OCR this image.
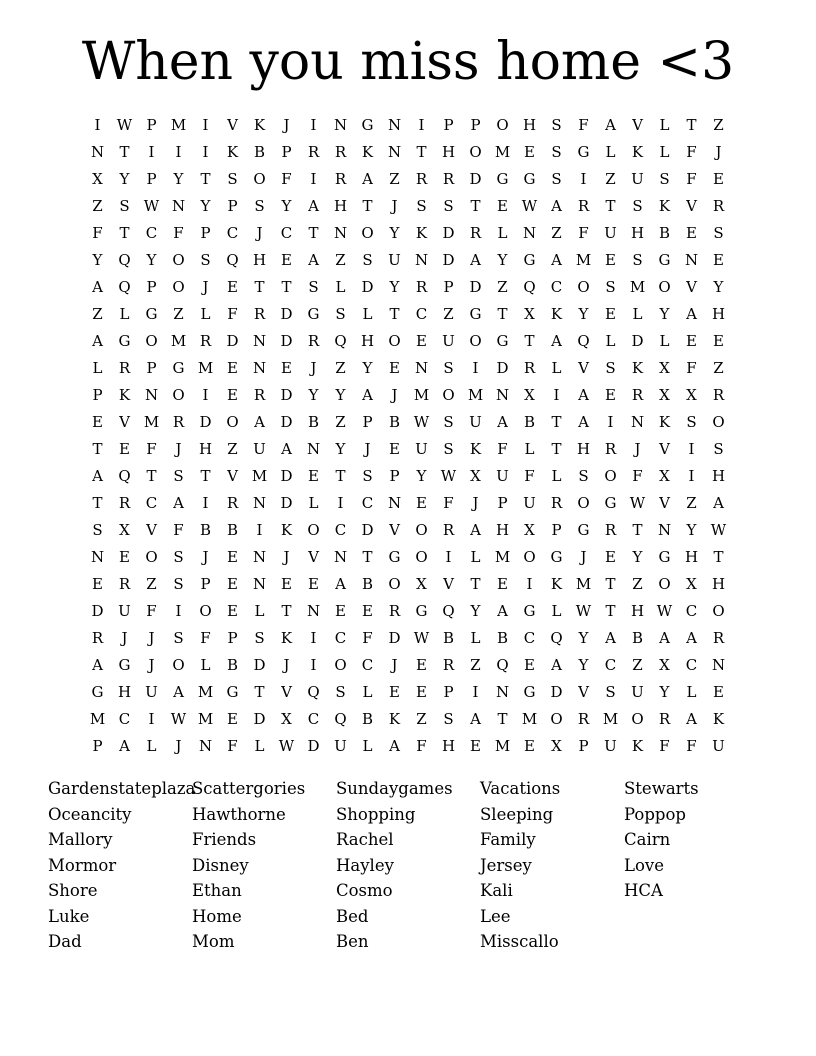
When you miss home <3
I	W P M	I	V	K	J	I	N G N	I	P	P	O H	S	F	A	V	L	T	Z
N	T	I	I	I	K	B	P	R	R	K N	T	H O M E	S	G	L	K	L	F	J
X	Y	P	Y	T	S	O	F	I	R	A	Z	R	R	D G	G	S	I	Z	U	S	F	E
Z	S W N	Y	P	S	Y	A	H	T	J	S	S	T	E W A	R	T	S	K	V	R
F	T	C	F	P	C	J	C	T	N O	Y	K	D	R	L	N	Z	F	U H B	E	S
Y	Q	Y	O	S	Q H E	A	Z	S	U N D	A	Y	G	A M E	S	G N E
A	Q	P	O	J	E	T	T	S	L	D	Y	R	P	D	Z	Q	C	O	S M O	V	Y
Z	L	G	Z	L	F	R	D G	S	L	T	C	Z	G	T	X	K	Y	E	L	Y	A	H
A	G O M R	D N D	R	Q H O	E	U O G	T	A	Q	L	D	L	E	E
L	R	P	G M E N E	J	Z	Y	E N	S	I	D	R	L	V	S	K	X	F	Z
P	K N O	I	E	R	D	Y	Y	A	J	M O M N	X	I	A	E	R	X	X	R
E	V M R	D O	A	D	B	Z	P	B W S	U	A	B	T	A	I	N K	S	O
T	E	F	J	H	Z	U	A	N	Y	J	E	U	S	K	F	L	T	H R	J	V	I	S
A	Q	T	S	T	V M D	E	T	S	P	Y W X	U	F	L	S	O	F	X	I	H
T	R	C	A	I	R N D	L	I	C N E	F	J	P	U	R	O G W V	Z	A
S	X	V	F	B	B	I	K	O	C	D	V	O	R	A	H	X	P	G	R	T	N	Y W
N E	O	S	J	E N	J	V	N	T	G O	I	L M O G	J	E	Y	G H	T
E	R	Z	S	P	E N E	E	A	B	O	X	V	T	E	I	K M T	Z	O	X	H
D U	F	I	O	E	L	T	N E	E	R	G Q	Y	A	G	L W T	H W C	O
R	J	J	S	F	P	S	K	I	C	F	D W B	L	B	C	Q	Y	A	B	A	A	R
A	G	J	O	L	B	D	J	I	O	C	J	E	R	Z	Q	E	A	Y	C	Z	X	C N
G H U	A M G	T	V	Q	S	L	E	E	P	I	N G	D	V	S	U	Y	L	E
M C	I	W M E	D	X	C	Q	B	K	Z	S	A	T M O	R M O	R	A	K
P	A	L	J	N	F	L W D U	L	A	F	H E M E	X	P	U	K	F	F	U
Gardenstateplaza
Oceancity
Mallory
Mormor
Shore
Luke
Dad
Scattergories
Hawthorne
Friends
Disney
Ethan
Home
Mom
Sundaygames
Shopping
Rachel
Hayley
Cosmo
Bed
Ben
Vacations
Sleeping
Family
Jersey
Kali
Lee
Misscallo
Stewarts
Poppop
Cairn
Love
HCA
